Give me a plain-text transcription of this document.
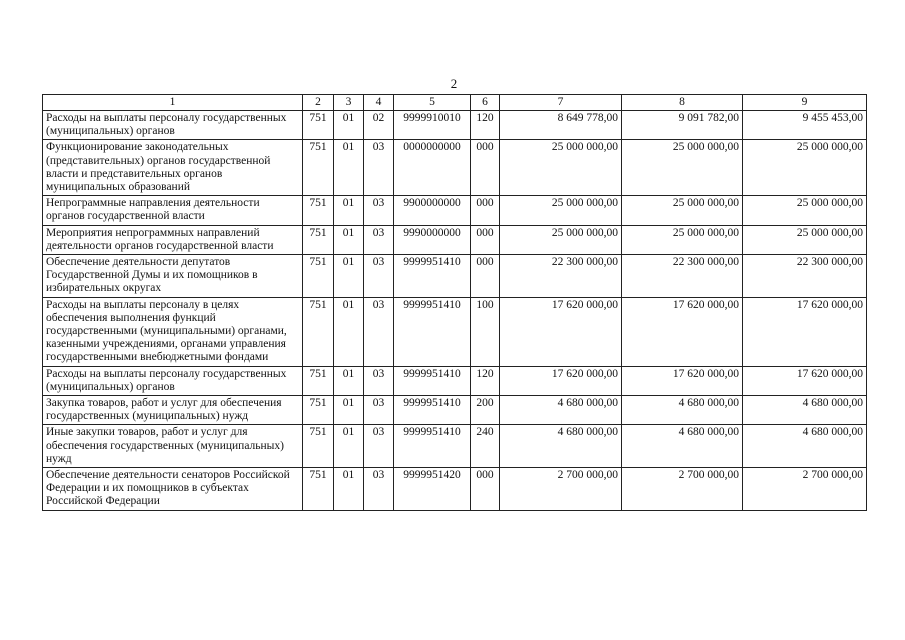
2
1	2	3	4	5	6	7	8	9
Расходы на выплаты персоналу государственных (муниципальных) органов	751	01	02	9999910010	120	8 649 778,00	9 091 782,00	9 455 453,00
Функционирование законодательных (представительных) органов государственной власти и представительных органов муниципальных образований	751	01	03	0000000000	000	25 000 000,00	25 000 000,00	25 000 000,00
Непрограммные направления деятельности органов государственной власти	751	01	03	9900000000	000	25 000 000,00	25 000 000,00	25 000 000,00
Мероприятия непрограммных направлений деятельности органов государственной власти	751	01	03	9990000000	000	25 000 000,00	25 000 000,00	25 000 000,00
Обеспечение деятельности депутатов Государственной Думы и их помощников в избирательных округах	751	01	03	9999951410	000	22 300 000,00	22 300 000,00	22 300 000,00
Расходы на выплаты персоналу в целях обеспечения выполнения функций государственными (муниципальными) органами, казенными учреждениями, органами управления государственными внебюджетными фондами	751	01	03	9999951410	100	17 620 000,00	17 620 000,00	17 620 000,00
Расходы на выплаты персоналу государственных (муниципальных) органов	751	01	03	9999951410	120	17 620 000,00	17 620 000,00	17 620 000,00
Закупка товаров, работ и услуг для обеспечения государственных (муниципальных) нужд	751	01	03	9999951410	200	4 680 000,00	4 680 000,00	4 680 000,00
Иные закупки товаров, работ и услуг для обеспечения государственных (муниципальных) нужд	751	01	03	9999951410	240	4 680 000,00	4 680 000,00	4 680 000,00
Обеспечение деятельности сенаторов Российской Федерации и их помощников в субъектах Российской Федерации	751	01	03	9999951420	000	2 700 000,00	2 700 000,00	2 700 000,00
